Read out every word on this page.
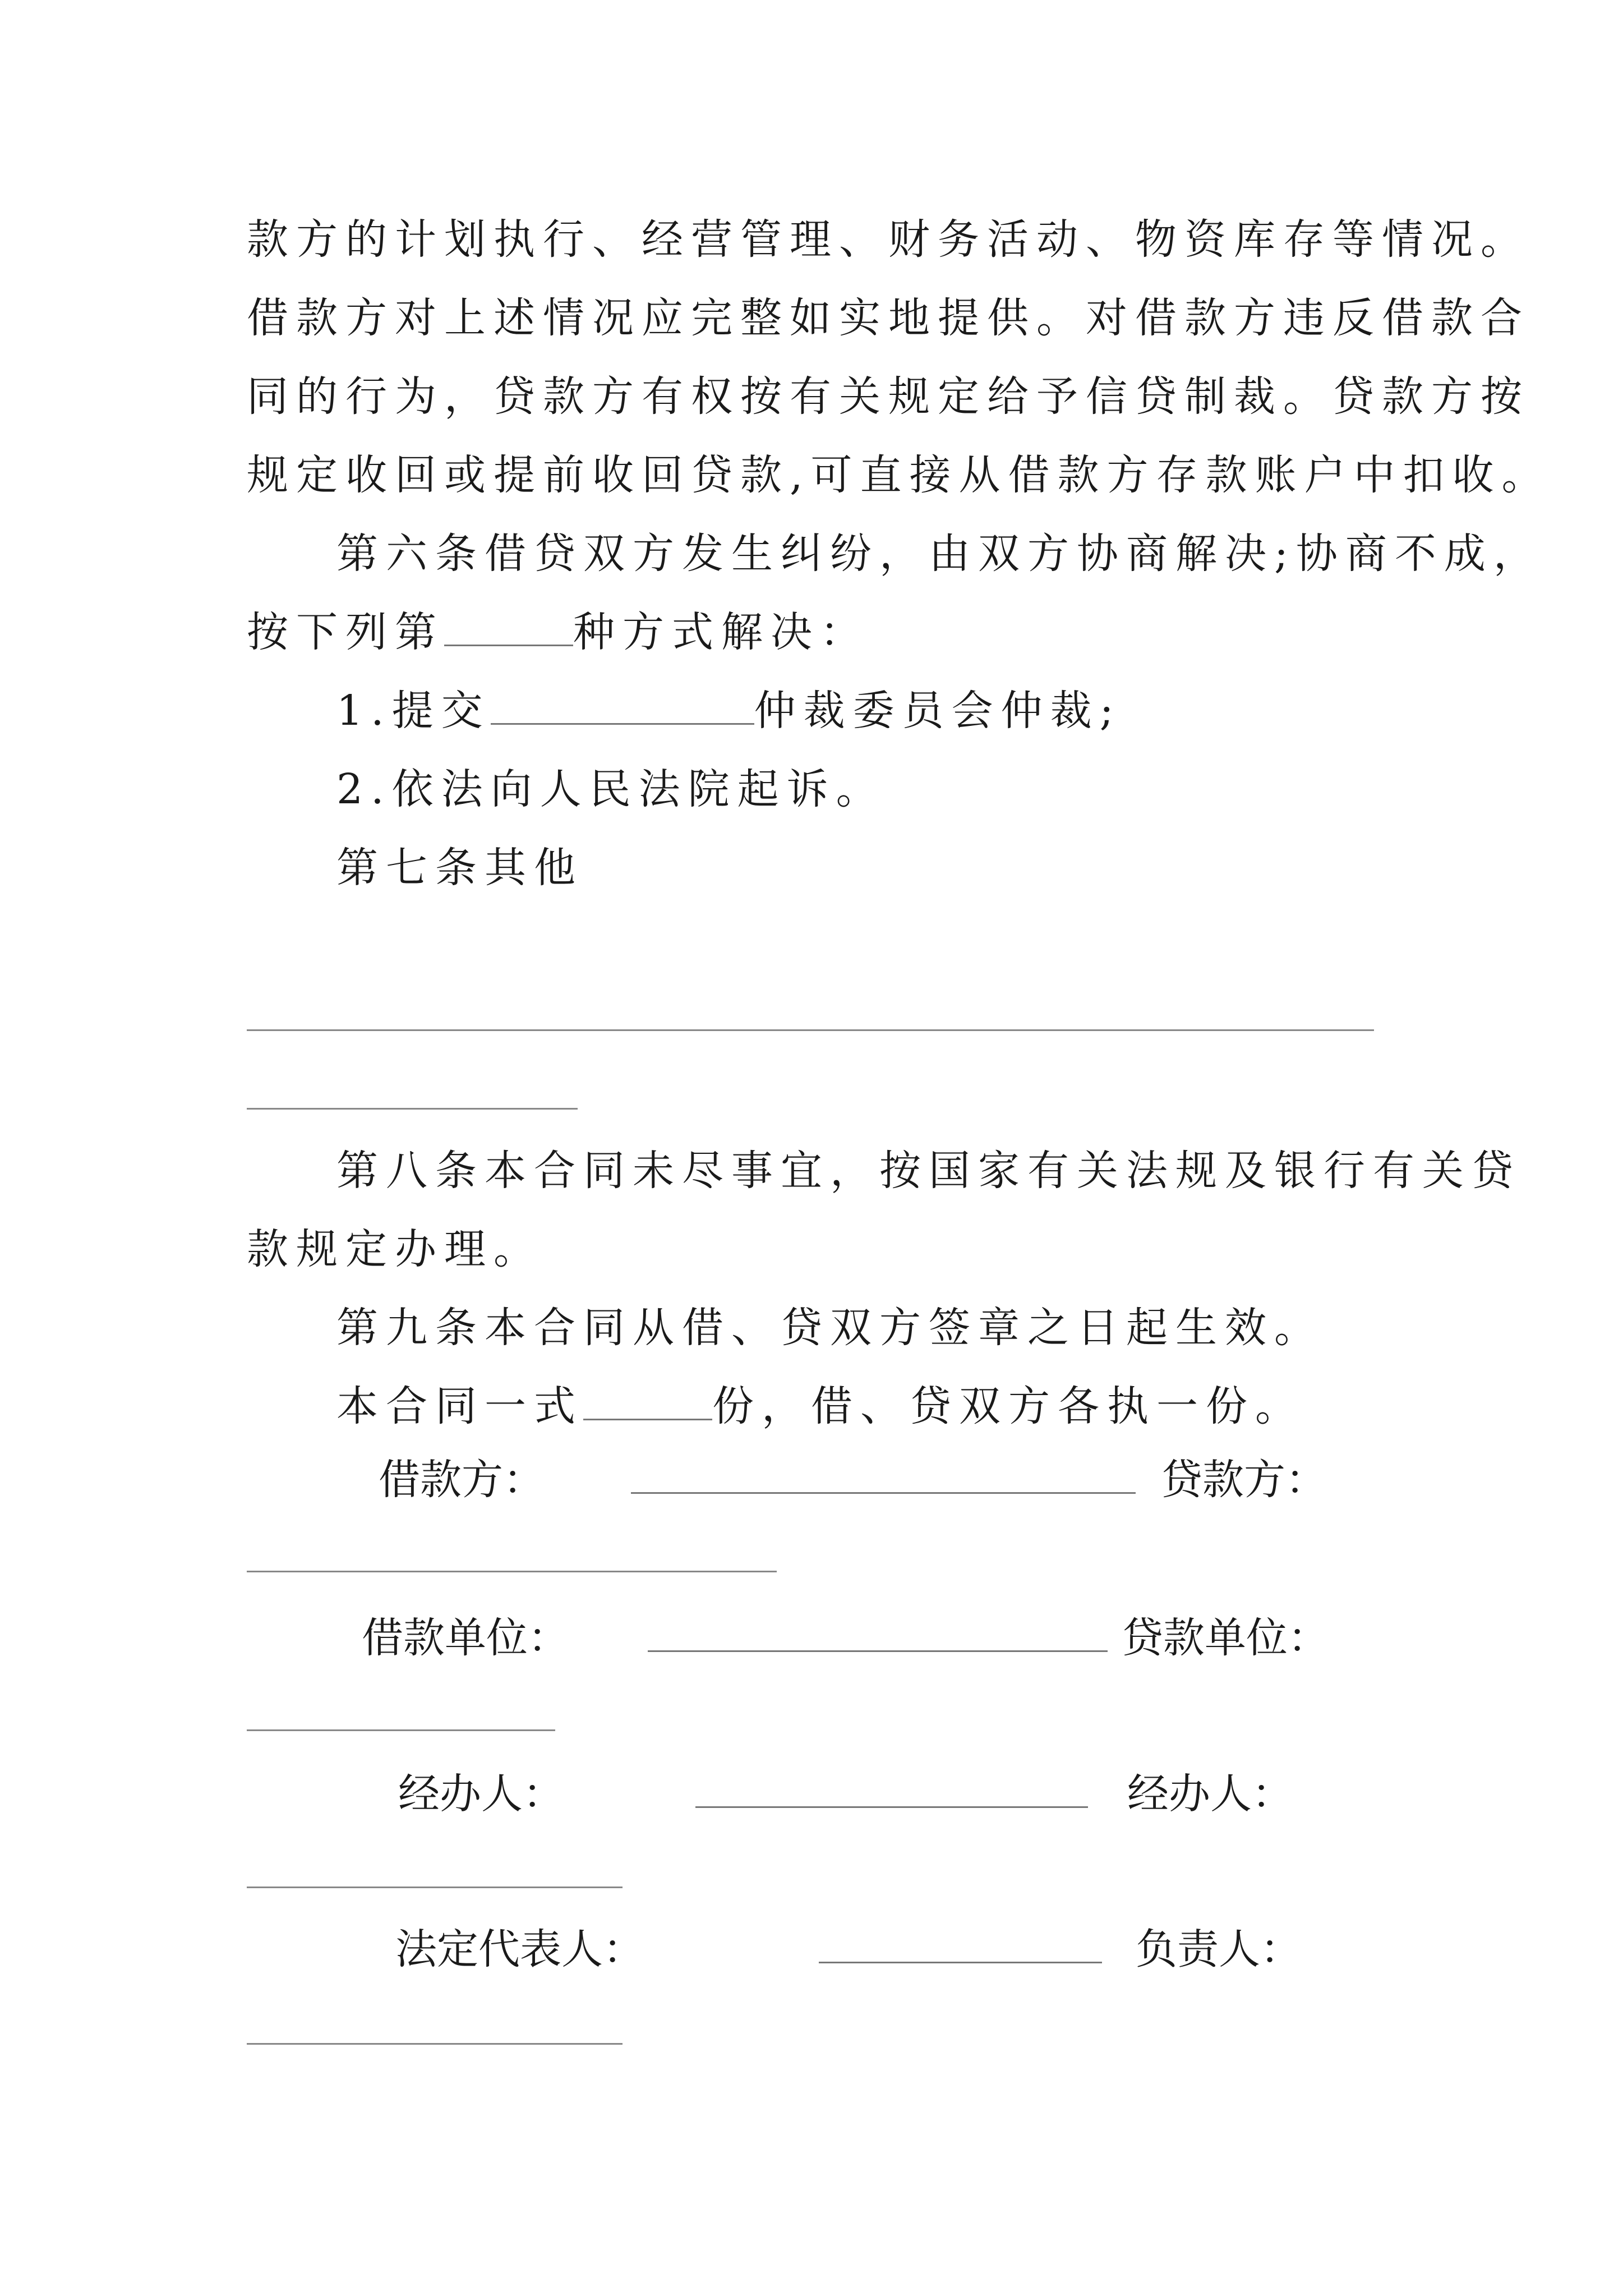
款方的计划执行、经营管理、财务活动、物资库存等情况。
借款方对上述情况应完整如实地提供。对借款方违反借款合
同的行为，贷款方有权按有关规定给予信贷制裁。贷款方按
规定收回或提前收回贷款,可直接从借款方存款账户中扣收。
第六条借贷双方发生纠纷，由双方协商解决;协商不成，
按下列第	种方式解决：
1.提交	仲裁委员会仲裁;
2.依法向人民法院起诉。
第七条其他
第八条本合同未尽事宜，按国家有关法规及银行有关贷
款规定办理。
第九条本合同从借、贷双方签章之日起生效。
本合同一式	份，借、贷双方各执一份。
借款方：	贷款方：
借款单位：	贷款单位：
经办人：	经办人：
法定代表人：	负责人：
